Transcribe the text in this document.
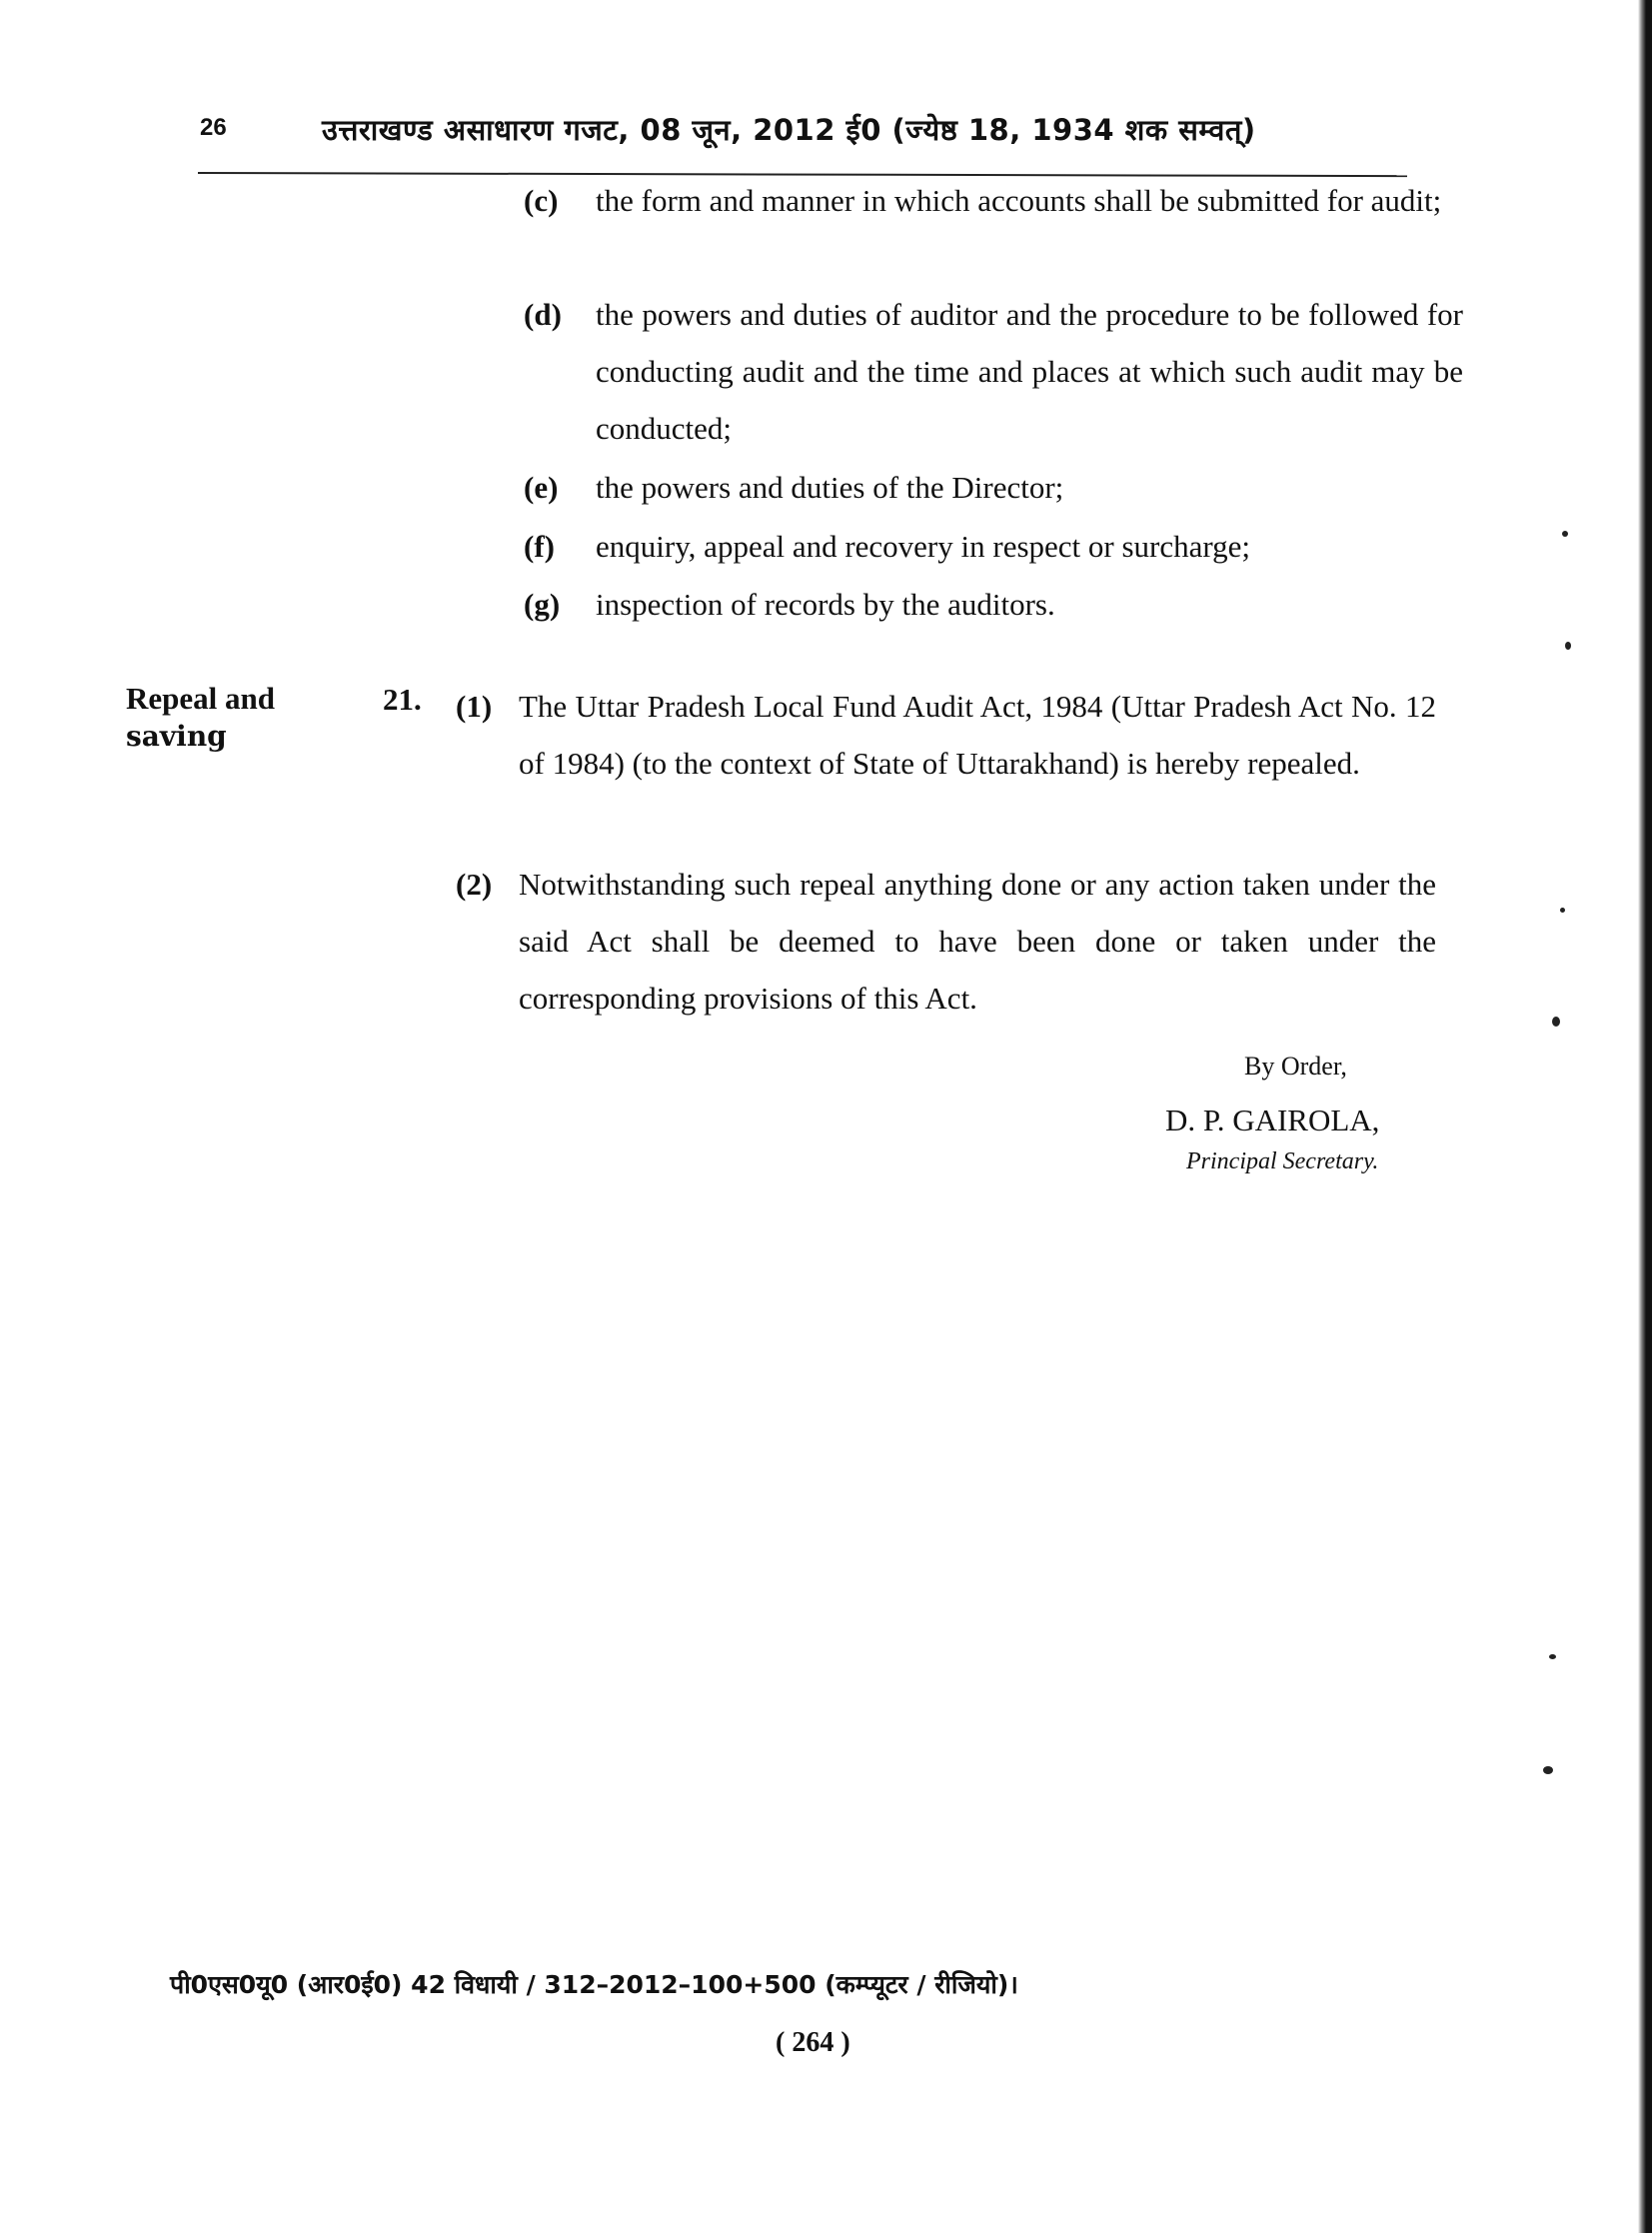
26	उत्तराखण्ड असाधारण गजट, 08 जून, 2012 ई0 (ज्येष्ठ 18, 1934 शक सम्वत्)
(c) the form and manner in which accounts shall be submitted for audit;
(d) the powers and duties of auditor and the procedure to be followed for conducting audit and the time and places at which such audit may be conducted;
(e) the powers and duties of the Director;
(f) enquiry, appeal and recovery in respect or surcharge;
(g) inspection of records by the auditors.
Repeal and
saving
21. (1) The Uttar Pradesh Local Fund Audit Act, 1984 (Uttar Pradesh Act No. 12 of 1984) (to the context of State of Uttarakhand) is hereby repealed.
(2) Notwithstanding such repeal anything done or any action taken under the said Act shall be deemed to have been done or taken under the corresponding provisions of this Act.
By Order,
D. P. GAIROLA,
Principal Secretary.
पी0एस0यू0 (आर0ई0) 42 विधायी / 312–2012–100+500 (कम्प्यूटर / रीजियो)।
( 264 )
